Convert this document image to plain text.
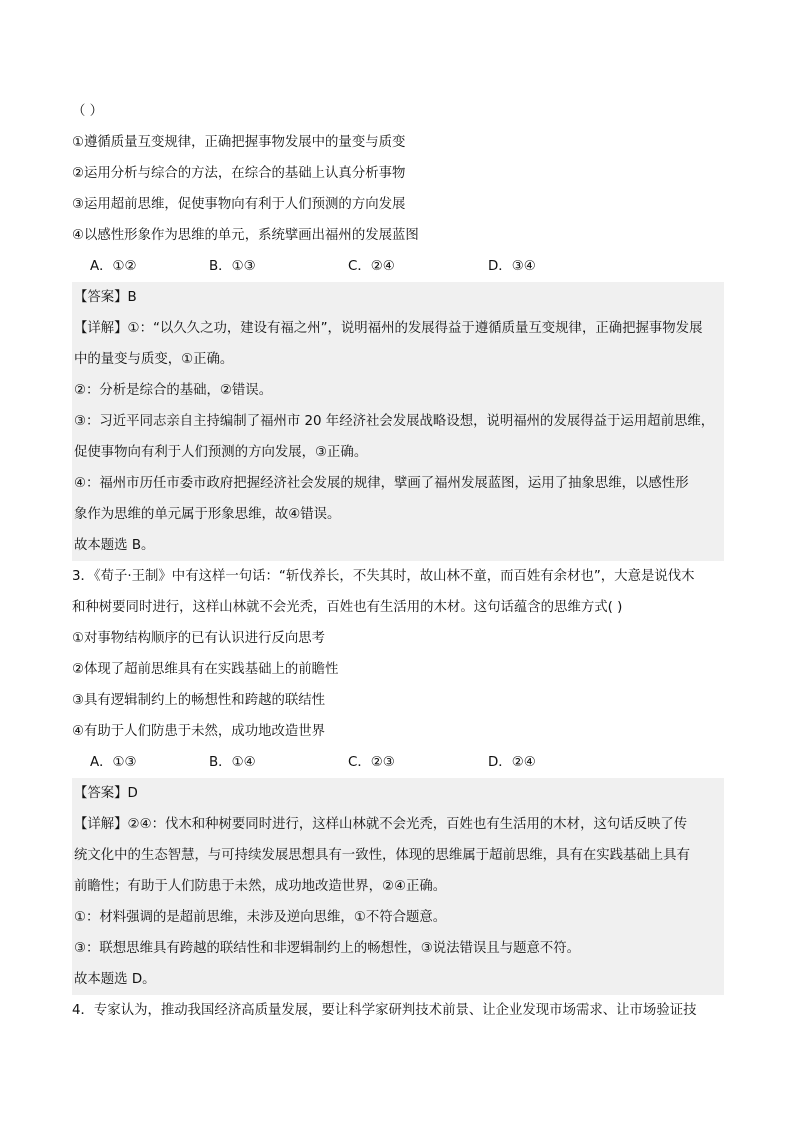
（ ）
①遵循质量互变规律，正确把握事物发展中的量变与质变
②运用分析与综合的方法，在综合的基础上认真分析事物
③运用超前思维，促使事物向有利于人们预测的方向发展
④以感性形象作为思维的单元，系统擘画出福州的发展蓝图
A．①②	B．①③	C．②④	D．③④
【答案】B
【详解】①：“以久久之功，建设有福之州”，说明福州的发展得益于遵循质量互变规律，正确把握事物发展
中的量变与质变，①正确。
②：分析是综合的基础，②错误。
③：习近平同志亲自主持编制了福州市 20 年经济社会发展战略设想，说明福州的发展得益于运用超前思维，
促使事物向有利于人们预测的方向发展，③正确。
④：福州市历任市委市政府把握经济社会发展的规律，擘画了福州发展蓝图，运用了抽象思维，以感性形
象作为思维的单元属于形象思维，故④错误。
故本题选 B。
3．《荀子·王制》中有这样一句话：“斩伐养长，不失其时，故山林不童，而百姓有余材也”，大意是说伐木
和种树要同时进行，这样山林就不会光秃，百姓也有生活用的木材。这句话蕴含的思维方式( )
①对事物结构顺序的已有认识进行反向思考
②体现了超前思维具有在实践基础上的前瞻性
③具有逻辑制约上的畅想性和跨越的联结性
④有助于人们防患于未然，成功地改造世界
A．①③	B．①④	C．②③	D．②④
【答案】D
【详解】②④：伐木和种树要同时进行，这样山林就不会光秃，百姓也有生活用的木材，这句话反映了传
统文化中的生态智慧，与可持续发展思想具有一致性，体现的思维属于超前思维，具有在实践基础上具有
前瞻性；有助于人们防患于未然，成功地改造世界，②④正确。
①：材料强调的是超前思维，未涉及逆向思维，①不符合题意。
③：联想思维具有跨越的联结性和非逻辑制约上的畅想性，③说法错误且与题意不符。
故本题选 D。
4．专家认为，推动我国经济高质量发展，要让科学家研判技术前景、让企业发现市场需求、让市场验证技
